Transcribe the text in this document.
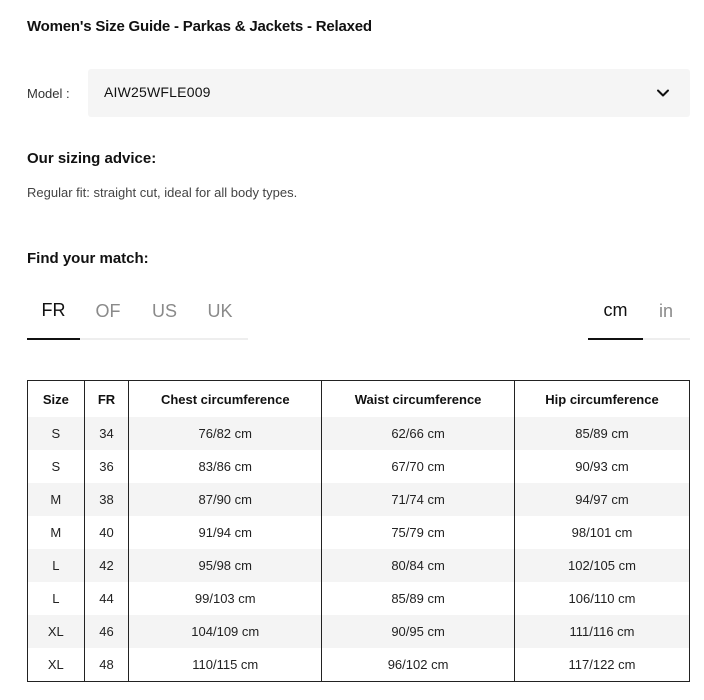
Women's Size Guide - Parkas & Jackets - Relaxed
Model : AIW25WFLE009
Our sizing advice:
Regular fit: straight cut, ideal for all body types.
Find your match:
FR	OF	US	UK	cm	in
Size	FR	Chest circumference	Waist circumference	Hip circumference
S	34	76/82 cm	62/66 cm	85/89 cm
S	36	83/86 cm	67/70 cm	90/93 cm
M	38	87/90 cm	71/74 cm	94/97 cm
M	40	91/94 cm	75/79 cm	98/101 cm
L	42	95/98 cm	80/84 cm	102/105 cm
L	44	99/103 cm	85/89 cm	106/110 cm
XL	46	104/109 cm	90/95 cm	111/116 cm
XL	48	110/115 cm	96/102 cm	117/122 cm
